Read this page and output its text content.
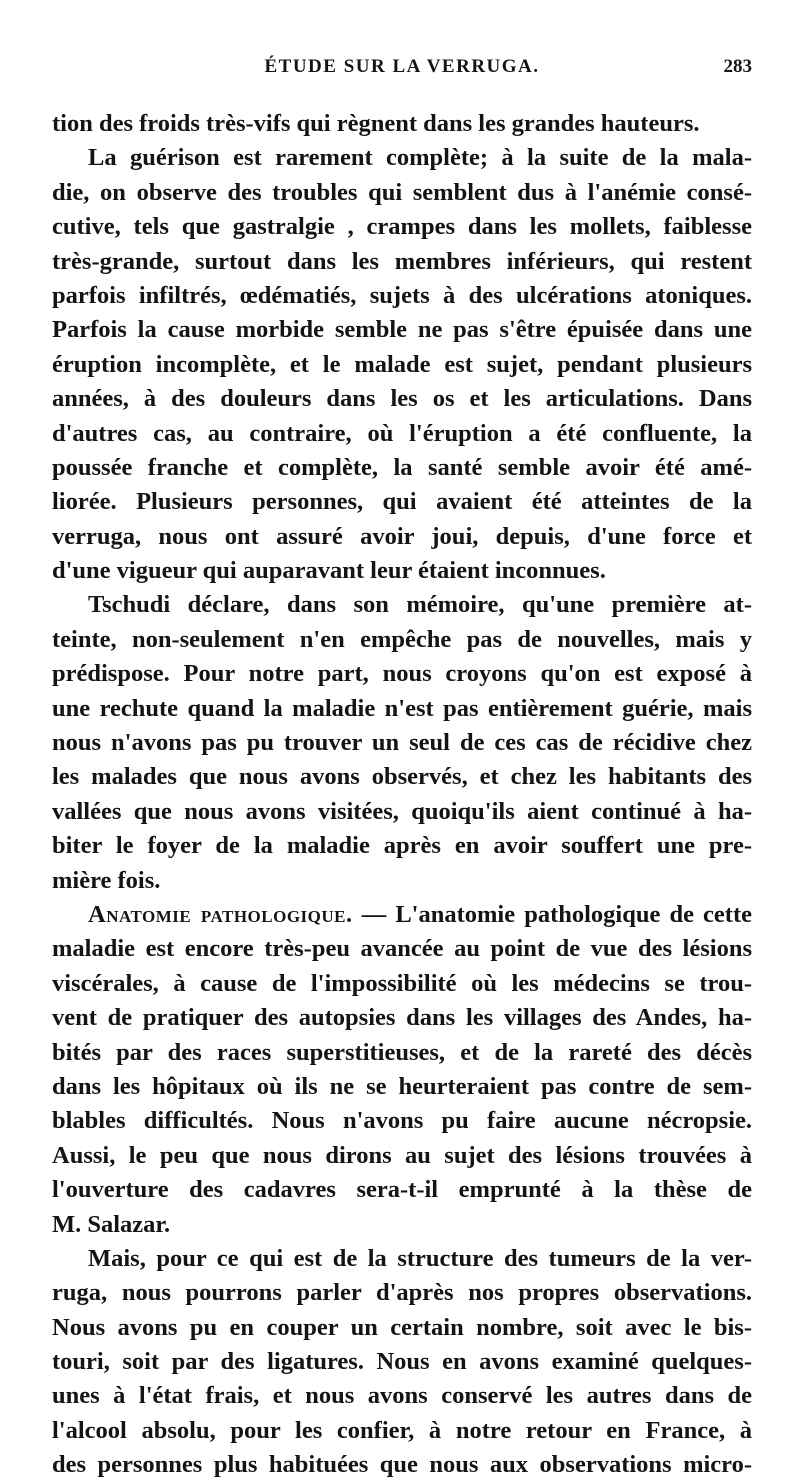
ÉTUDE SUR LA VERRUGA.	283
tion des froids très-vifs qui règnent dans les grandes hauteurs.
La guérison est rarement complète; à la suite de la mala-
die, on observe des troubles qui semblent dus à l'anémie consé-
cutive, tels que gastralgie , crampes dans les mollets, faiblesse
très-grande, surtout dans les membres inférieurs, qui restent
parfois infiltrés, œdématiés, sujets à des ulcérations atoniques.
Parfois la cause morbide semble ne pas s'être épuisée dans une
éruption incomplète, et le malade est sujet, pendant plusieurs
années, à des douleurs dans les os et les articulations. Dans
d'autres cas, au contraire, où l'éruption a été confluente, la
poussée franche et complète, la santé semble avoir été amé-
liorée. Plusieurs personnes, qui avaient été atteintes de la
verruga, nous ont assuré avoir joui, depuis, d'une force et
d'une vigueur qui auparavant leur étaient inconnues.
Tschudi déclare, dans son mémoire, qu'une première at-
teinte, non-seulement n'en empêche pas de nouvelles, mais y
prédispose. Pour notre part, nous croyons qu'on est exposé à
une rechute quand la maladie n'est pas entièrement guérie, mais
nous n'avons pas pu trouver un seul de ces cas de récidive chez
les malades que nous avons observés, et chez les habitants des
vallées que nous avons visitées, quoiqu'ils aient continué à ha-
biter le foyer de la maladie après en avoir souffert une pre-
mière fois.
Anatomie pathologique. — L'anatomie pathologique de cette
maladie est encore très-peu avancée au point de vue des lésions
viscérales, à cause de l'impossibilité où les médecins se trou-
vent de pratiquer des autopsies dans les villages des Andes, ha-
bités par des races superstitieuses, et de la rareté des décès
dans les hôpitaux où ils ne se heurteraient pas contre de sem-
blables difficultés. Nous n'avons pu faire aucune nécropsie.
Aussi, le peu que nous dirons au sujet des lésions trouvées à
l'ouverture des cadavres sera-t-il emprunté à la thèse de
M. Salazar.
Mais, pour ce qui est de la structure des tumeurs de la ver-
ruga, nous pourrons parler d'après nos propres observations.
Nous avons pu en couper un certain nombre, soit avec le bis-
touri, soit par des ligatures. Nous en avons examiné quelques-
unes à l'état frais, et nous avons conservé les autres dans de
l'alcool absolu, pour les confier, à notre retour en France, à
des personnes plus habituées que nous aux observations micro-
